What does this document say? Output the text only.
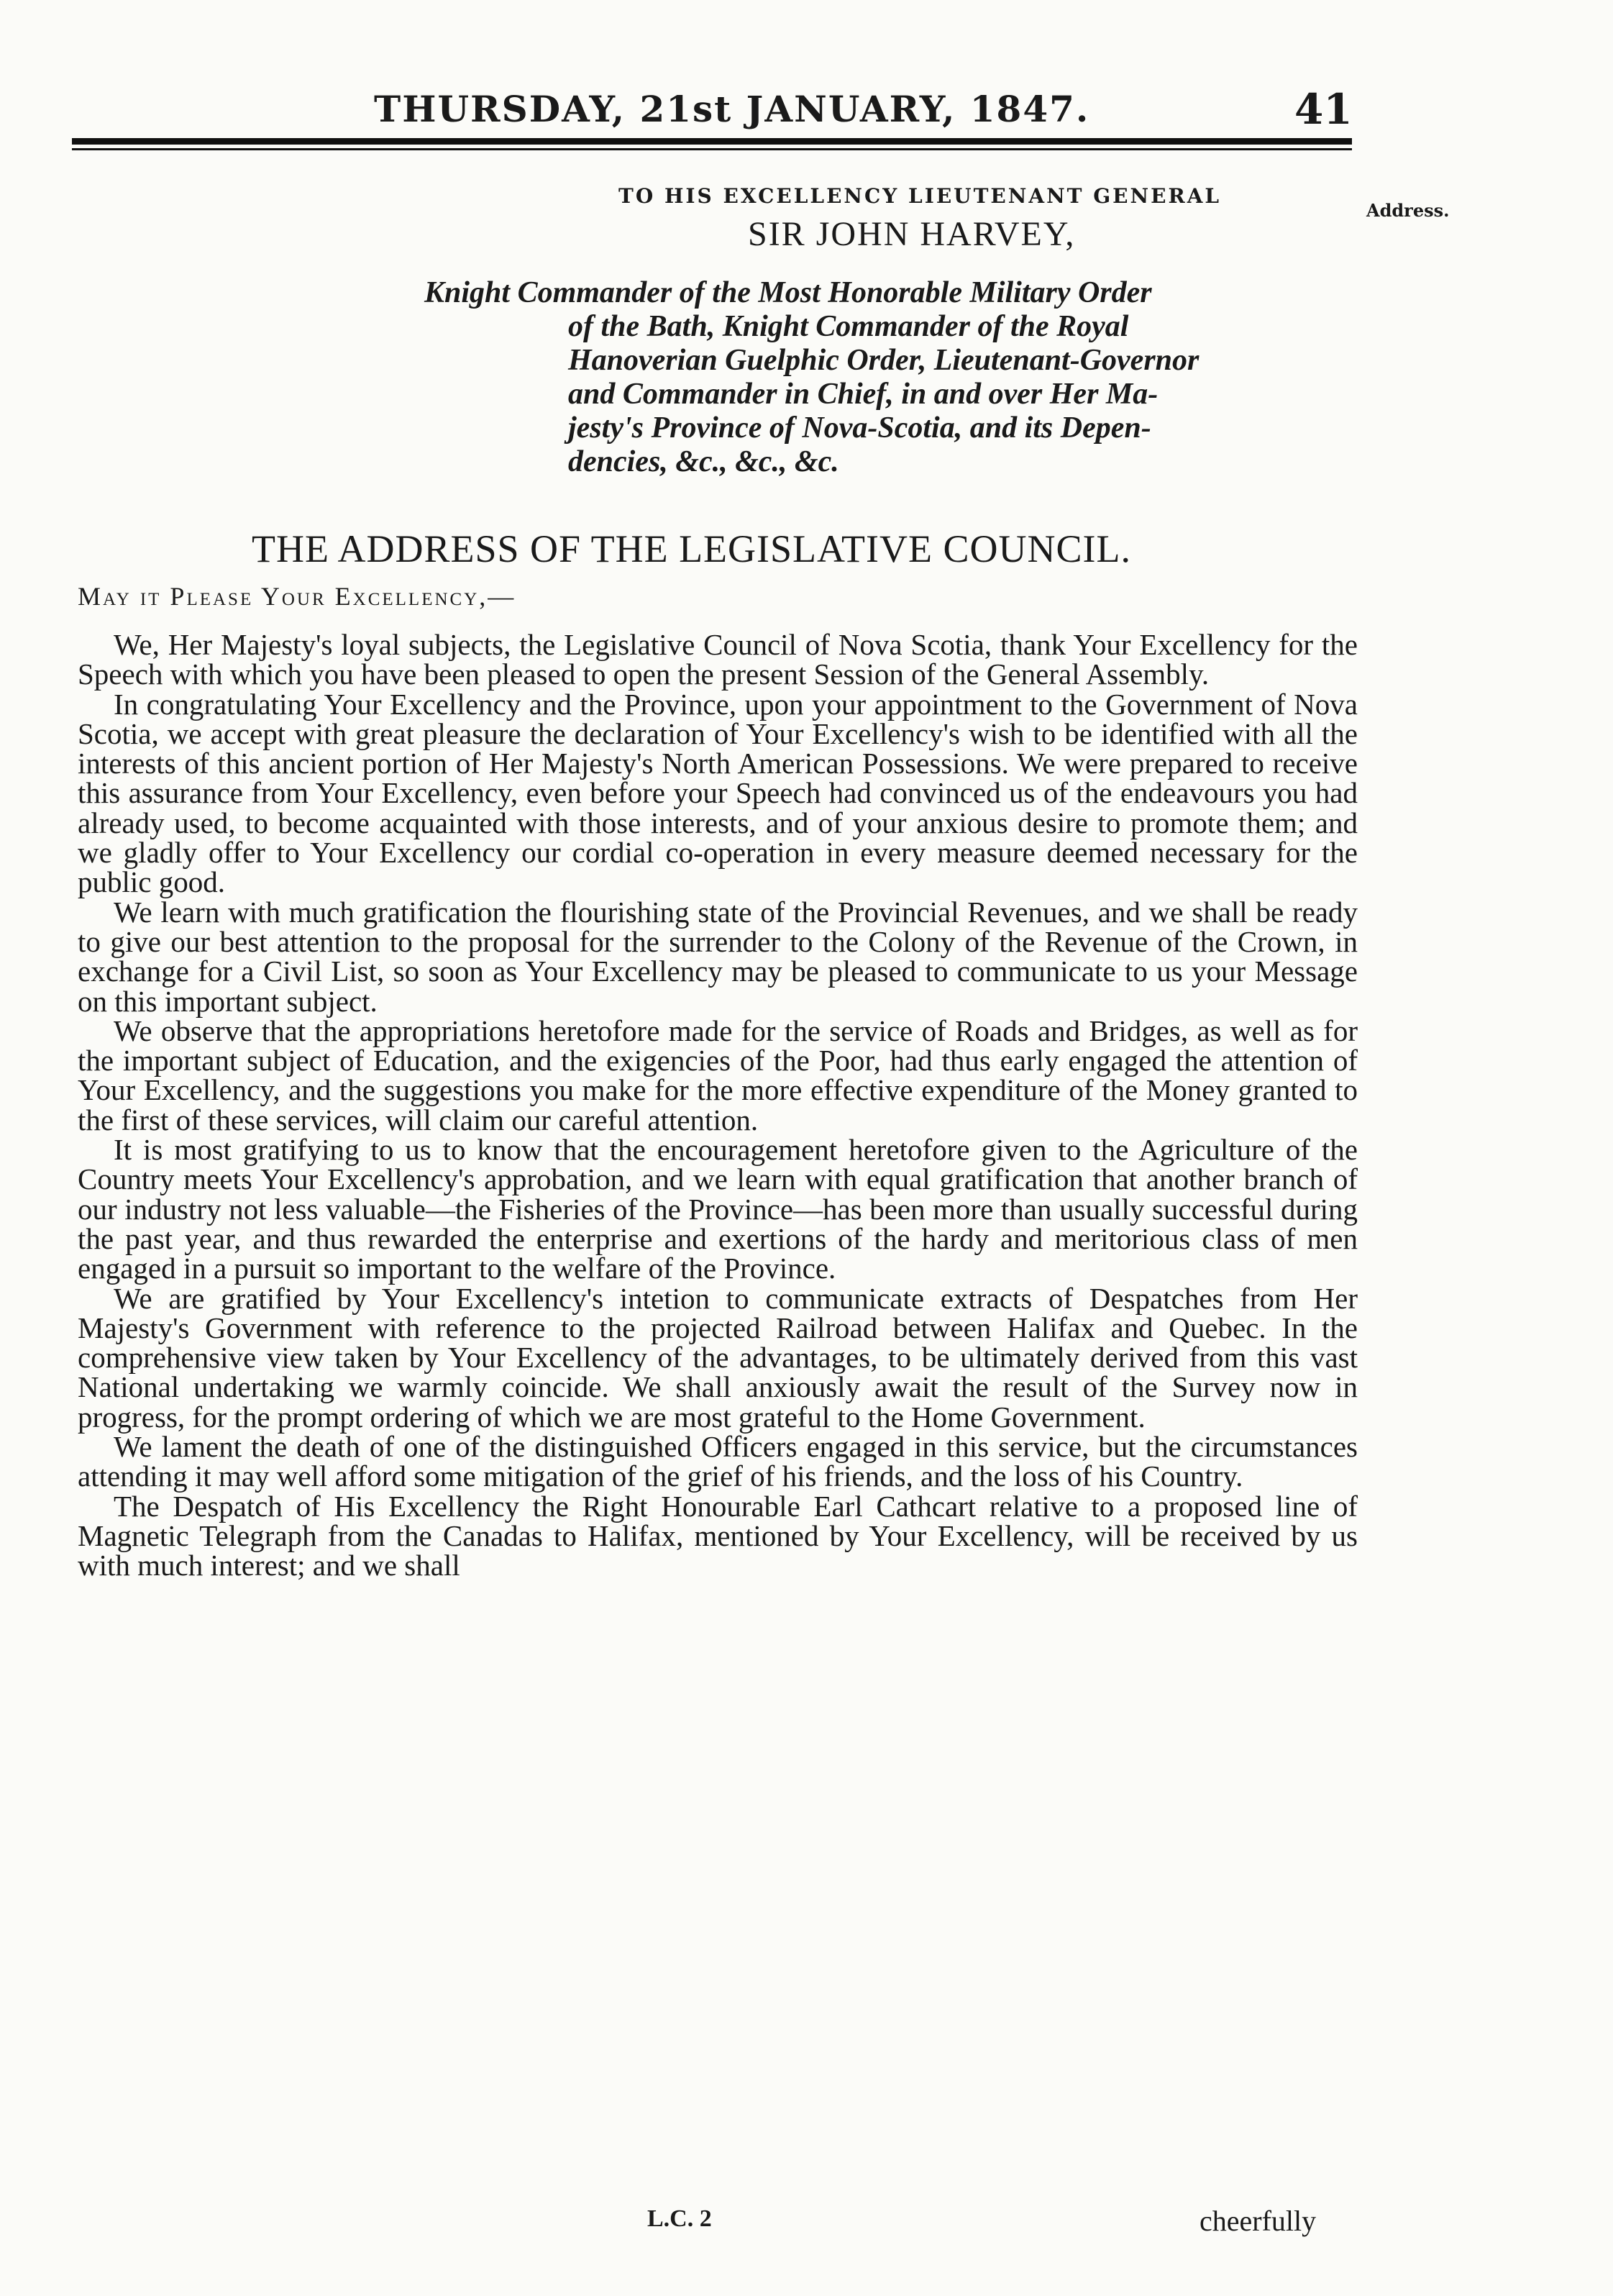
THURSDAY, 21st JANUARY, 1847.	41
Address.
TO HIS EXCELLENCY LIEUTENANT GENERAL
SIR JOHN HARVEY,
Knight Commander of the Most Honorable Military Order
of the Bath, Knight Commander of the Royal
Hanoverian Guelphic Order, Lieutenant-Governor
and Commander in Chief, in and over Her Ma-
jesty's Province of Nova-Scotia, and its Depen-
dencies, &c., &c., &c.
THE ADDRESS OF THE LEGISLATIVE COUNCIL.
May it Please Your Excellency,—

We, Her Majesty's loyal subjects, the Legislative Council of Nova Scotia, thank Your Excellency for the Speech with which you have been pleased to open the present Session of the General Assembly.

In congratulating Your Excellency and the Province, upon your appointment to the Government of Nova Scotia, we accept with great pleasure the declaration of Your Excellency's wish to be identified with all the interests of this ancient portion of Her Majesty's North American Possessions. We were prepared to receive this assurance from Your Excellency, even before your Speech had convinced us of the endeavours you had already used, to become acquainted with those interests, and of your anxious desire to promote them; and we gladly offer to Your Excellency our cordial co-operation in every measure deemed necessary for the public good.

We learn with much gratification the flourishing state of the Provincial Revenues, and we shall be ready to give our best attention to the proposal for the surrender to the Colony of the Revenue of the Crown, in exchange for a Civil List, so soon as Your Excellency may be pleased to communicate to us your Message on this important subject.

We observe that the appropriations heretofore made for the service of Roads and Bridges, as well as for the important subject of Education, and the exigencies of the Poor, had thus early engaged the attention of Your Excellency, and the suggestions you make for the more effective expenditure of the Money granted to the first of these services, will claim our careful attention.

It is most gratifying to us to know that the encouragement heretofore given to the Agriculture of the Country meets Your Excellency's approbation, and we learn with equal gratification that another branch of our industry not less valuable—the Fisheries of the Province—has been more than usually successful during the past year, and thus rewarded the enterprise and exertions of the hardy and meritorious class of men engaged in a pursuit so important to the welfare of the Province.

We are gratified by Your Excellency's intetion to communicate extracts of Despatches from Her Majesty's Government with reference to the projected Railroad between Halifax and Quebec. In the comprehensive view taken by Your Excellency of the advantages, to be ultimately derived from this vast National undertaking we warmly coincide. We shall anxiously await the result of the Survey now in progress, for the prompt ordering of which we are most grateful to the Home Government.

We lament the death of one of the distinguished Officers engaged in this service, but the circumstances attending it may well afford some mitigation of the grief of his friends, and the loss of his Country.

The Despatch of His Excellency the Right Honourable Earl Cathcart relative to a proposed line of Magnetic Telegraph from the Canadas to Halifax, mentioned by Your Excellency, will be received by us with much interest; and we shall

L.C. 2	cheerfully
